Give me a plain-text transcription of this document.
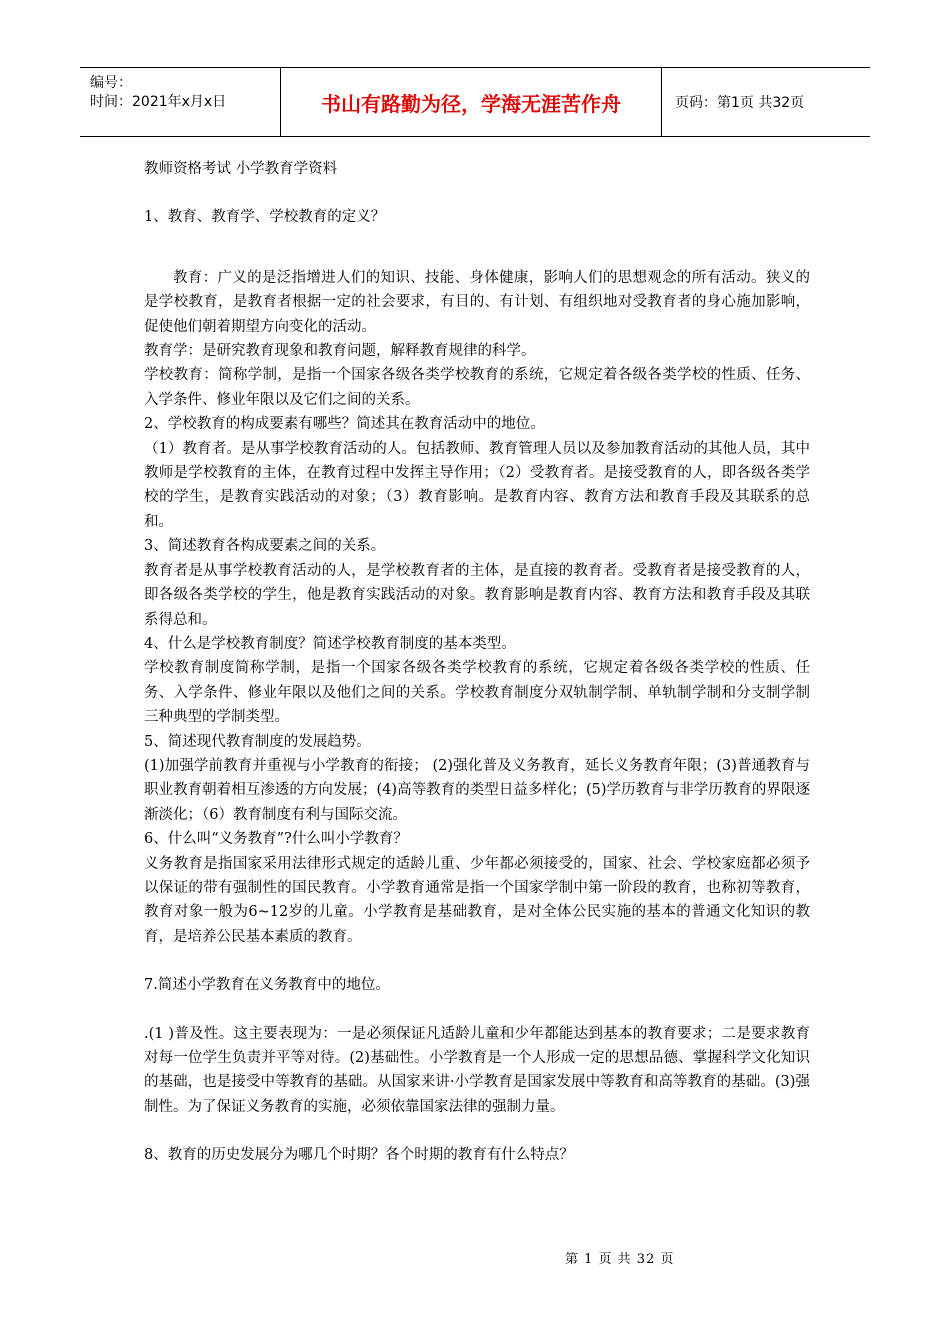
编号：
时间：2021年x月x日	书山有路勤为径，学海无涯苦作舟	页码：第1页 共32页

教师资格考试 小学教育学资料

1、教育、教育学、学校教育的定义？

教育：广义的是泛指增进人们的知识、技能、身体健康，影响人们的思想观念的所有活动。狭义的是学校教育，是教育者根据一定的社会要求，有目的、有计划、有组织地对受教育者的身心施加影响，促使他们朝着期望方向变化的活动。

教育学：是研究教育现象和教育问题，解释教育规律的科学。

学校教育：简称学制，是指一个国家各级各类学校教育的系统，它规定着各级各类学校的性质、任务、入学条件、修业年限以及它们之间的关系。

2、学校教育的构成要素有哪些？简述其在教育活动中的地位。

（1）教育者。是从事学校教育活动的人。包括教师、教育管理人员以及参加教育活动的其他人员，其中教师是学校教育的主体，在教育过程中发挥主导作用；（2）受教育者。是接受教育的人，即各级各类学校的学生，是教育实践活动的对象；（3）教育影响。是教育内容、教育方法和教育手段及其联系的总和。

3、简述教育各构成要素之间的关系。

教育者是从事学校教育活动的人，是学校教育者的主体，是直接的教育者。受教育者是接受教育的人，即各级各类学校的学生，他是教育实践活动的对象。教育影响是教育内容、教育方法和教育手段及其联系得总和。

4、什么是学校教育制度？简述学校教育制度的基本类型。

学校教育制度简称学制，是指一个国家各级各类学校教育的系统，它规定着各级各类学校的性质、任务、入学条件、修业年限以及他们之间的关系。学校教育制度分双轨制学制、单轨制学制和分支制学制三种典型的学制类型。

5、简述现代教育制度的发展趋势。

(1)加强学前教育并重视与小学教育的衔接； (2)强化普及义务教育，延长义务教育年限；(3)普通教育与职业教育朝着相互渗透的方向发展；(4)高等教育的类型日益多样化；(5)学历教育与非学历教育的界限逐渐淡化；（6）教育制度有利与国际交流。

6、什么叫“义务教育”?什么叫小学教育？

义务教育是指国家采用法律形式规定的适龄儿重、少年都必须接受的，国家、社会、学校家庭都必须予以保证的带有强制性的国民教育。小学教育通常是指一个国家学制中第一阶段的教育，也称初等教育，教育对象一般为6~12岁的儿童。小学教育是基础教育，是对全体公民实施的基本的普通文化知识的教育，是培养公民基本素质的教育。

7.简述小学教育在义务教育中的地位。

.(1 )普及性。这主要表现为：一是必须保证凡适龄儿童和少年都能达到基本的教育要求；二是要求教育对每一位学生负责并平等对待。(2)基础性。小学教育是一个人形成一定的思想品德、掌握科学文化知识的基础，也是接受中等教育的基础。从国家来讲·小学教育是国家发展中等教育和高等教育的基础。(3)强制性。为了保证义务教育的实施，必须依靠国家法律的强制力量。

8、教育的历史发展分为哪几个时期？各个时期的教育有什么特点？

第 1 页 共 32 页
